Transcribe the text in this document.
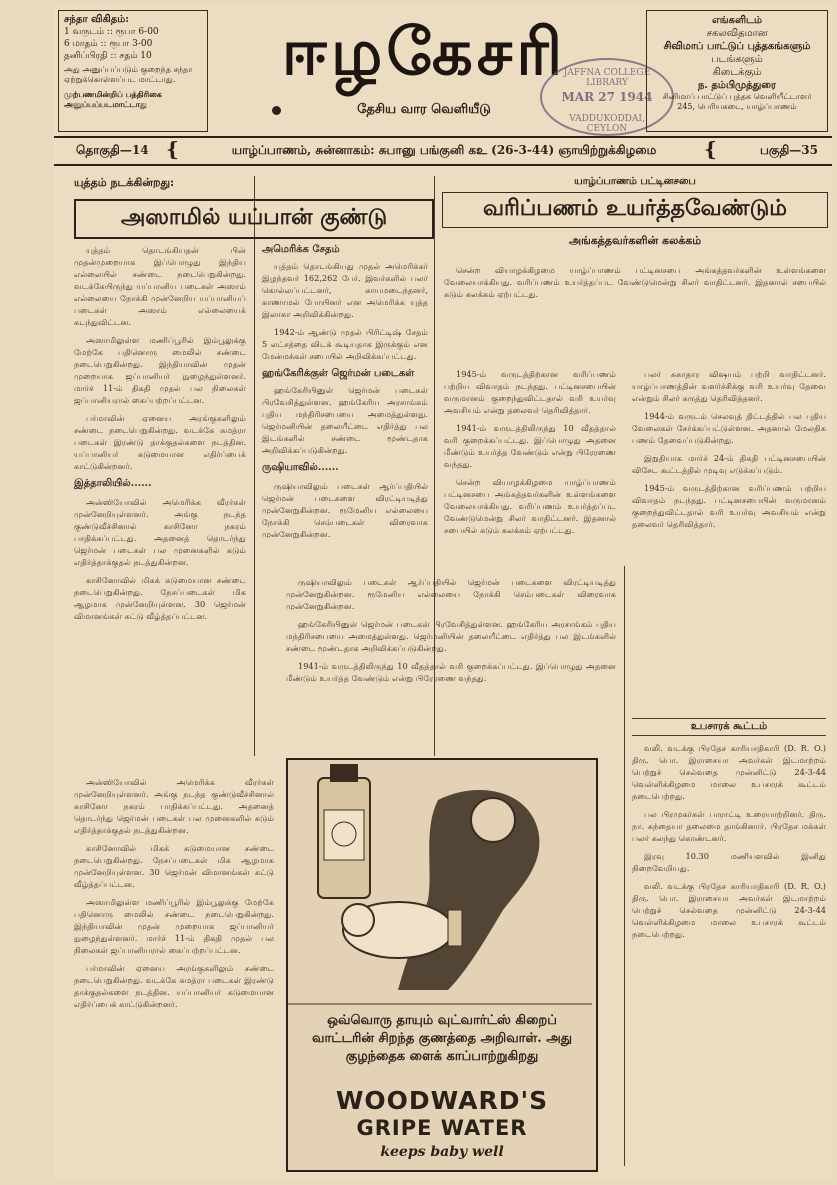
சந்தா விகிதம்:
1 வருடம் :: ரூபா 6-00
6 மாதம் :: ரூபா 3-00
தனிப்பிரதி :: சதம் 10
அது அனுப்பப்படும் குறைந்த சந்தா ஏற்றுக்கொள்ளப்பட மாட்டாது.
முற்பணமின்றிப் பத்திரிகை அனுப்பப்படமாட்டாது
ஈழகேசரி
தேசிய வார வெளியீடு
JAFFNA COLLEGE LIBRARY
MAR 27 1944
VADDUKODDAI, CEYLON
எங்களிடம்
சகலவிதமான
சிவிமாப் பாட்டுப் புத்தகங்களும்
படங்களும்
கிடைக்கும்
ந. தம்பிமுத்துரை
சினிமாப் பாட்டுப் புத்தக வெளியீட்டாளர்
245, பெரியகடை, யாழ்ப்பாணம்
தொகுதி—14 {	யாழ்ப்பாணம், சுன்னாகம்: சுபானு பங்குனி கஉ (26-3-44) ஞாயிற்றுக்கிழமை	{	பகுதி—35
யுத்தம் நடக்கின்றது:
அஸாமில் யப்பான் குண்டு

யுத்தம் தொடங்கியதன் பின் முதன்முறையாக இப்பொழுது இந்திய எல்லையில் சண்டை நடைபெறுகின்றது. வடக்கேயிருந்து யப்பானிய படைகள் அஸாம் எல்லையை நோக்கி முன்னேறிய யப்பானியப் படைகள் அஸாம் எல்லையைக் கடந்துவிட்டன.

அஸாமிலுள்ள மணிப்பூரில் இம்பூலுக்கு மேற்கே பதினொரு மைலில் சண்டை நடைபெறுகின்றது. இந்தியாவின் முதன் முறையாக ஜப்பானியர் நுழைந்துள்ளனர். மார்ச் 11-ம் திகதி முதல் பல நிலைகள் ஜப்பானியரால் கைப்பற்றப்பட்டன.

பர்மாவின் ஏனைய அரங்குகளிலும் சண்டை நடைபெறுகின்றது. வடக்கே சுமத்ரா படைகள் இரண்டு தாக்குதல்களை நடத்தின. யப்பானியர் கடுமையான எதிர்ப்பைக் காட்டுகின்றனர்.

இத்தாலியில்......

அன்ஸியோவில் அமெரிக்க வீரர்கள் முன்னேறியுள்ளனர். அங்கு நடந்த குண்டுவீச்சினால் காசினோ நகரம் பாதிக்கப்பட்டது. அதனைத் தொடர்ந்து ஜெர்மன் படைகள் பல முனைகளில் கடும் எதிர்த்தாக்குதல் நடத்துகின்றன.

காசினோவில் மிகக் கடுமையான சண்டை நடைபெறுகின்றது. நேசப்படைகள் மிக ஆழமாக முன்னேறியுள்ளன. 30 ஜெர்மன் விமானங்கள் சுட்டு வீழ்த்தப்பட்டன.

அன்ஸியோவில் அமெரிக்க வீரர்கள் முன்னேறியுள்ளனர். அங்கு நடந்த குண்டுவீச்சினால் காசினோ நகரம் பாதிக்கப்பட்டது. அதனைத் தொடர்ந்து ஜெர்மன் படைகள் பல முனைகளில் கடும் எதிர்த்தாக்குதல் நடத்துகின்றன.

காசினோவில் மிகக் கடுமையான சண்டை நடைபெறுகின்றது. நேசப்படைகள் மிக ஆழமாக முன்னேறியுள்ளன. 30 ஜெர்மன் விமானங்கள் சுட்டு வீழ்த்தப்பட்டன.

அஸாமிலுள்ள மணிப்பூரில் இம்பூலுக்கு மேற்கே பதினொரு மைலில் சண்டை நடைபெறுகின்றது. இந்தியாவின் முதன் முறையாக ஜப்பானியர் நுழைந்துள்ளனர். மார்ச் 11-ம் திகதி முதல் பல நிலைகள் ஜப்பானியரால் கைப்பற்றப்பட்டன.

பர்மாவின் ஏனைய அரங்குகளிலும் சண்டை நடைபெறுகின்றது. வடக்கே சுமத்ரா படைகள் இரண்டு தாக்குதல்களை நடத்தின. யப்பானியர் கடுமையான எதிர்ப்பைக் காட்டுகின்றனர்.

அமெரிக்க சேதம்

யுத்தம் தொடங்கியது முதல் அமெரிக்கர் இழந்தவர் 162,262 பேர். இவர்களில் பலர் கொல்லப்பட்டனர், காயமடைந்தனர், காணாமல் போயினர் என அமெரிக்க யுத்த இலாகா அறிவிக்கின்றது.

1942-ம் ஆண்டு முதல் பிரிட்டிஷ் சேதம் 5 லட்சத்தை விடக் கூடியதாக இருக்கும் என மேன்மக்கள் சபையில் அறிவிக்கப்பட்டது.

ஹங்கேரிக்குள் ஜெர்மன் படைகள்

ஹங்கேரியினுள் ஜெர்மன் படைகள் பிரவேசித்துள்ளன. ஹங்கேரிய அரசாங்கம் புதிய மந்திரிசபையை அமைத்துள்ளது. ஜெர்மனியின் தலையீட்டை எதிர்த்து பல இடங்களில் சண்டை மூண்டதாக அறிவிக்கப்படுகின்றது.

ருஷியாவில்......

ருஷியாவிலும் படைகள் ஆர்ப்பதியில் ஜெர்மன் படைகளை விரட்டியடித்து முன்னேறுகின்றன. ரூமேனிய எல்லையை நோக்கி செம்படைகள் விரைவாக முன்னேறுகின்றன.

யாழ்ப்பாணம் பட்டினசபை
வரிப்பணம் உயர்த்தவேண்டும்
அங்கத்தவர்களின் கலக்கம்

சென்ற வியாழக்கிழமை யாழ்ப்பாணம் பட்டினசபை அங்கத்தவர்களின் உள்ளங்களை வேலையாக்கியது. வரிப்பணம் உயர்த்தப்பட வேண்டுமென்று சிலர் வாதிட்டனர். இதனால் சபையில் கடும் கலக்கம் ஏற்பட்டது.

1945-ம் வருடத்திற்கான வரிப்பணம் பற்றிய விவாதம் நடந்தது. பட்டினசபையின் வருமானம் குறைந்துவிட்டதால் வரி உயர்வு அவசியம் என்று தலைவர் தெரிவித்தார்.

1941-ம் வருடத்திலிருந்து 10 வீதத்தால் வரி குறைக்கப்பட்டது. இப்பொழுது அதனை மீண்டும் உயர்த்த வேண்டும் என்று பிரேரணை வந்தது.

சென்ற வியாழக்கிழமை யாழ்ப்பாணம் பட்டினசபை அங்கத்தவர்களின் உள்ளங்களை வேலையாக்கியது. வரிப்பணம் உயர்த்தப்பட வேண்டுமென்று சிலர் வாதிட்டனர். இதனால் சபையில் கடும் கலக்கம் ஏற்பட்டது.

பலர் சுகாதார விஷயம் பற்றி வாதிட்டனர். யாழ்ப்பாணத்தின் வளர்ச்சிக்கு வரி உயர்வு தேவை என்றும் சிலர் கருத்து தெரிவித்தனர்.

1944-ம் வருடம் செலவுத் திட்டத்தில் பல புதிய வேலைகள் சேர்க்கப்பட்டுள்ளன. அதனால் மேலதிக பணம் தேவைப்படுகின்றது.

இறுதியாக மார்ச் 24-ம் திகதி பட்டினசபையின் விசேட கூட்டத்தில் முடிவு எடுக்கப்படும்.

1945-ம் வருடத்திற்கான வரிப்பணம் பற்றிய விவாதம் நடந்தது. பட்டினசபையின் வருமானம் குறைந்துவிட்டதால் வரி உயர்வு அவசியம் என்று தலைவர் தெரிவித்தார்.

உபசாரக் கூட்டம்

வலி. வடக்கு பிரதேச காரியாதிகாரி (D. R. O.) திரு. பொ. இராசையா அவர்கள் இடமாற்றம் பெற்றுச் செல்வதை முன்னிட்டு 24-3-44 வெள்ளிக்கிழமை மாலை உபசாரக் கூட்டம் நடைபெற்றது.

பல பிரமுகர்கள் பாராட்டி உரையாற்றினர். திரு. நா. கந்தையா தலைமை தாங்கினார். பிரதேச மக்கள் பலர் கலந்து கொண்டனர்.

இரவு 10.30 மணியளவில் இனிது நிறைவேறியது.

வலி. வடக்கு பிரதேச காரியாதிகாரி (D. R. O.) திரு. பொ. இராசையா அவர்கள் இடமாற்றம் பெற்றுச் செல்வதை முன்னிட்டு 24-3-44 வெள்ளிக்கிழமை மாலை உபசாரக் கூட்டம் நடைபெற்றது.

ருஷியாவிலும் படைகள் ஆர்ப்பதியில் ஜெர்மன் படைகளை விரட்டியடித்து முன்னேறுகின்றன. ரூமேனிய எல்லையை நோக்கி செம்படைகள் விரைவாக முன்னேறுகின்றன.

ஹங்கேரியினுள் ஜெர்மன் படைகள் பிரவேசித்துள்ளன. ஹங்கேரிய அரசாங்கம் புதிய மந்திரிசபையை அமைத்துள்ளது. ஜெர்மனியின் தலையீட்டை எதிர்த்து பல இடங்களில் சண்டை மூண்டதாக அறிவிக்கப்படுகின்றது.

1941-ம் வருடத்திலிருந்து 10 வீதத்தால் வரி குறைக்கப்பட்டது. இப்பொழுது அதனை மீண்டும் உயர்த்த வேண்டும் என்று பிரேரணை வந்தது.

ஒவ்வொரு தாயும் வுட்வார்ட்ஸ் கிறைப் வாட்டரின் சிறந்த குணத்தை அறிவாள். அது குழந்தைக ளைக் காப்பாற்றுகிறது
WOODWARD'S
GRIPE WATER
keeps baby well
